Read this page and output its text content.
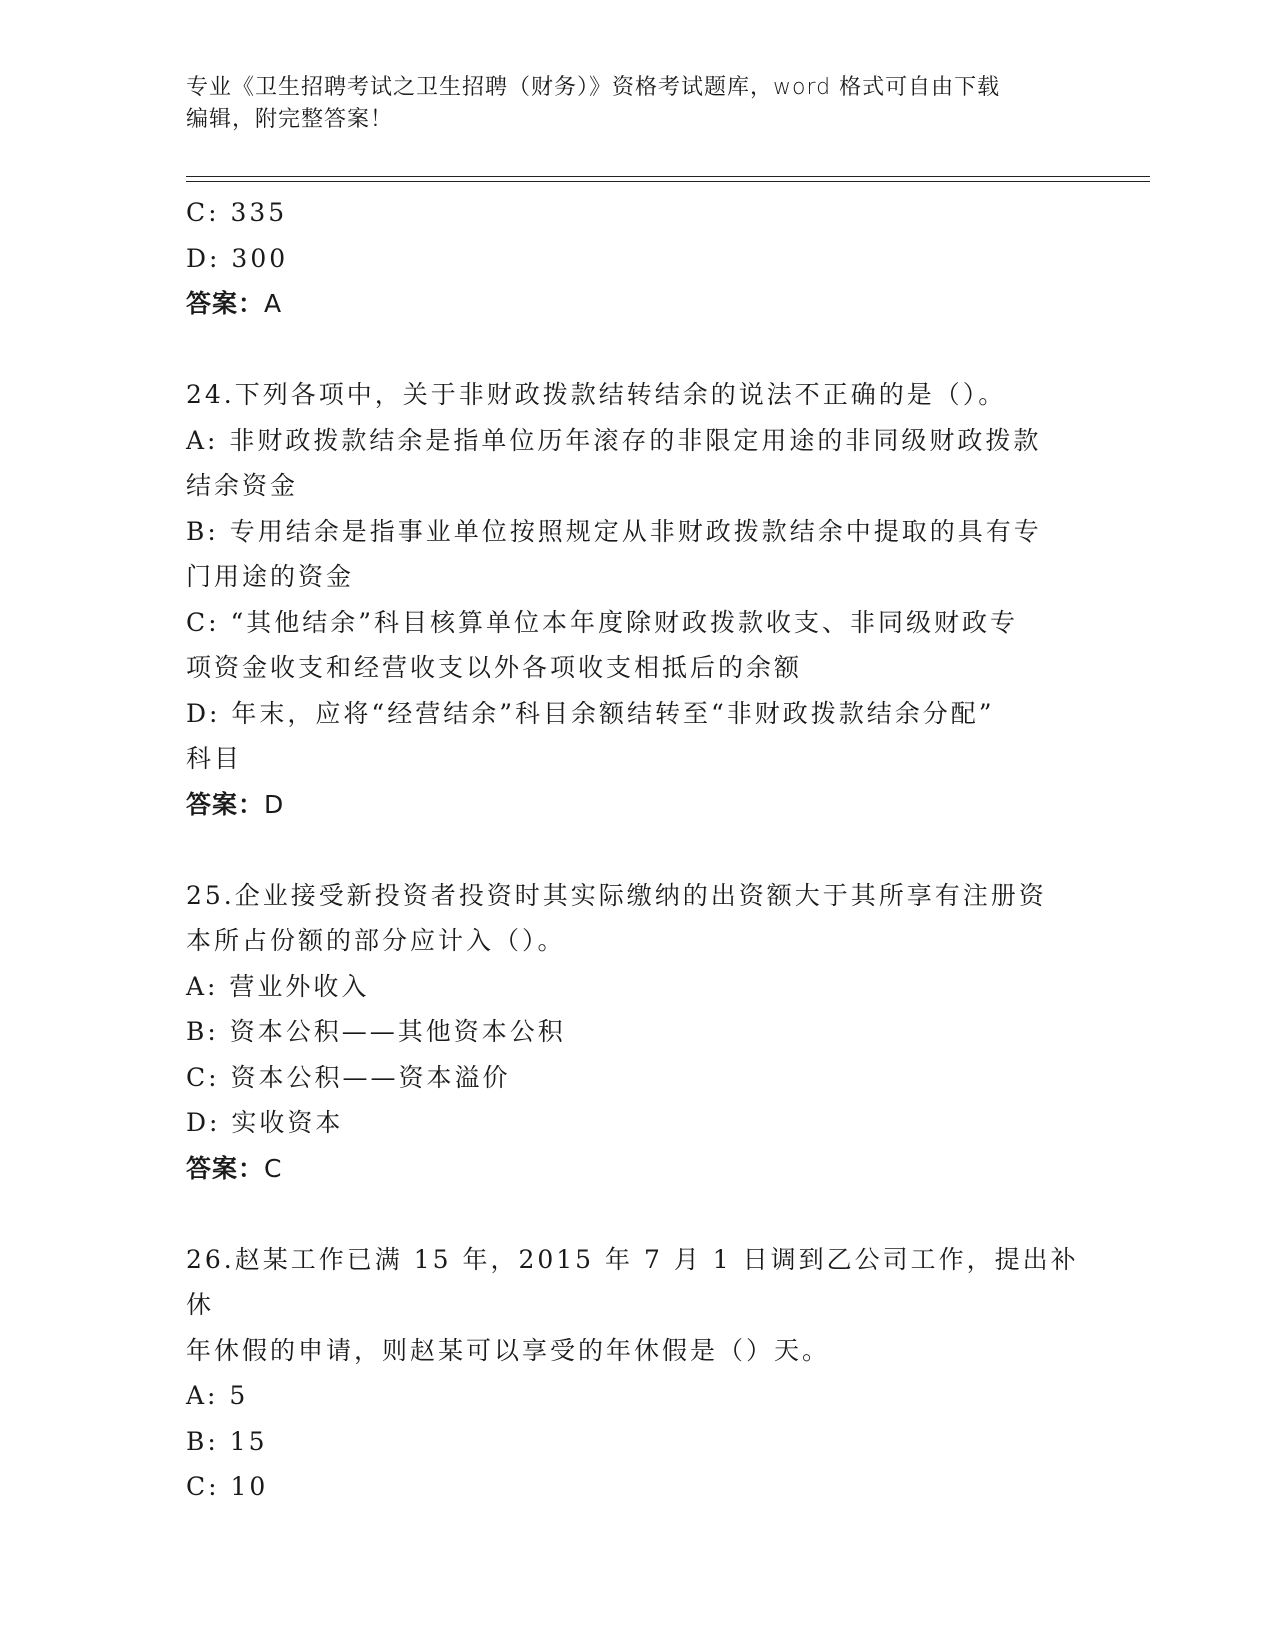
专业《卫生招聘考试之卫生招聘（财务）》资格考试题库，word 格式可自由下载
编辑，附完整答案！

C: 335

D: 300

答案：A

24.下列各项中，关于非财政拨款结转结余的说法不正确的是（）。

A: 非财政拨款结余是指单位历年滚存的非限定用途的非同级财政拨款

结余资金

B: 专用结余是指事业单位按照规定从非财政拨款结余中提取的具有专

门用途的资金

C: “其他结余”科目核算单位本年度除财政拨款收支、非同级财政专

项资金收支和经营收支以外各项收支相抵后的余额

D: 年末，应将“经营结余”科目余额结转至“非财政拨款结余分配”

科目

答案：D

25.企业接受新投资者投资时其实际缴纳的出资额大于其所享有注册资

本所占份额的部分应计入（）。

A: 营业外收入

B: 资本公积——其他资本公积

C: 资本公积——资本溢价

D: 实收资本

答案：C

26.赵某工作已满 15 年，2015 年 7 月 1 日调到乙公司工作，提出补休

年休假的申请，则赵某可以享受的年休假是（）天。

A: 5

B: 15

C: 10
